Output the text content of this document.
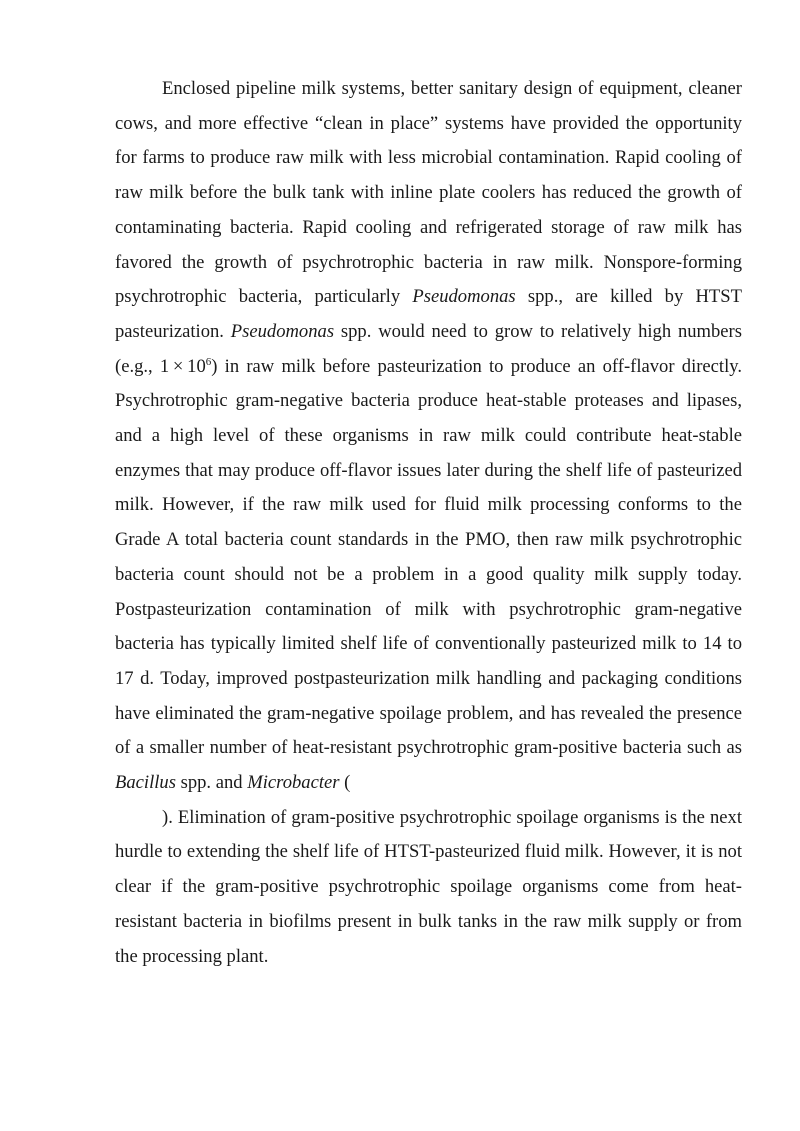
Enclosed pipeline milk systems, better sanitary design of equipment, cleaner cows, and more effective “clean in place” systems have provided the opportunity for farms to produce raw milk with less microbial contamination. Rapid cooling of raw milk before the bulk tank with inline plate coolers has reduced the growth of contaminating bacteria. Rapid cooling and refrigerated storage of raw milk has favored the growth of psychrotrophic bacteria in raw milk. Nonspore-forming psychrotrophic bacteria, particularly Pseudomonas spp., are killed by HTST pasteurization. Pseudomonas spp. would need to grow to relatively high numbers (e.g., $1 \times 10^6$) in raw milk before pasteurization to produce an off-flavor directly. Psychrotrophic gram-negative bacteria produce heat-stable proteases and lipases, and a high level of these organisms in raw milk could contribute heat-stable enzymes that may produce off-flavor issues later during the shelf life of pasteurized milk. However, if the raw milk used for fluid milk processing conforms to the Grade A total bacteria count standards in the PMO, then raw milk psychrotrophic bacteria count should not be a problem in a good quality milk supply today. Postpasteurization contamination of milk with psychrotrophic gram-negative bacteria has typically limited shelf life of conventionally pasteurized milk to 14 to 17 d. Today, improved postpasteurization milk handling and packaging conditions have eliminated the gram-negative spoilage problem, and has revealed the presence of a smaller number of heat-resistant psychrotrophic gram-positive bacteria such as Bacillus spp. and Microbacter (

). Elimination of gram-positive psychrotrophic spoilage organisms is the next hurdle to extending the shelf life of HTST-pasteurized fluid milk. However, it is not clear if the gram-positive psychrotrophic spoilage organisms come from heat-resistant bacteria in biofilms present in bulk tanks in the raw milk supply or from the processing plant.
